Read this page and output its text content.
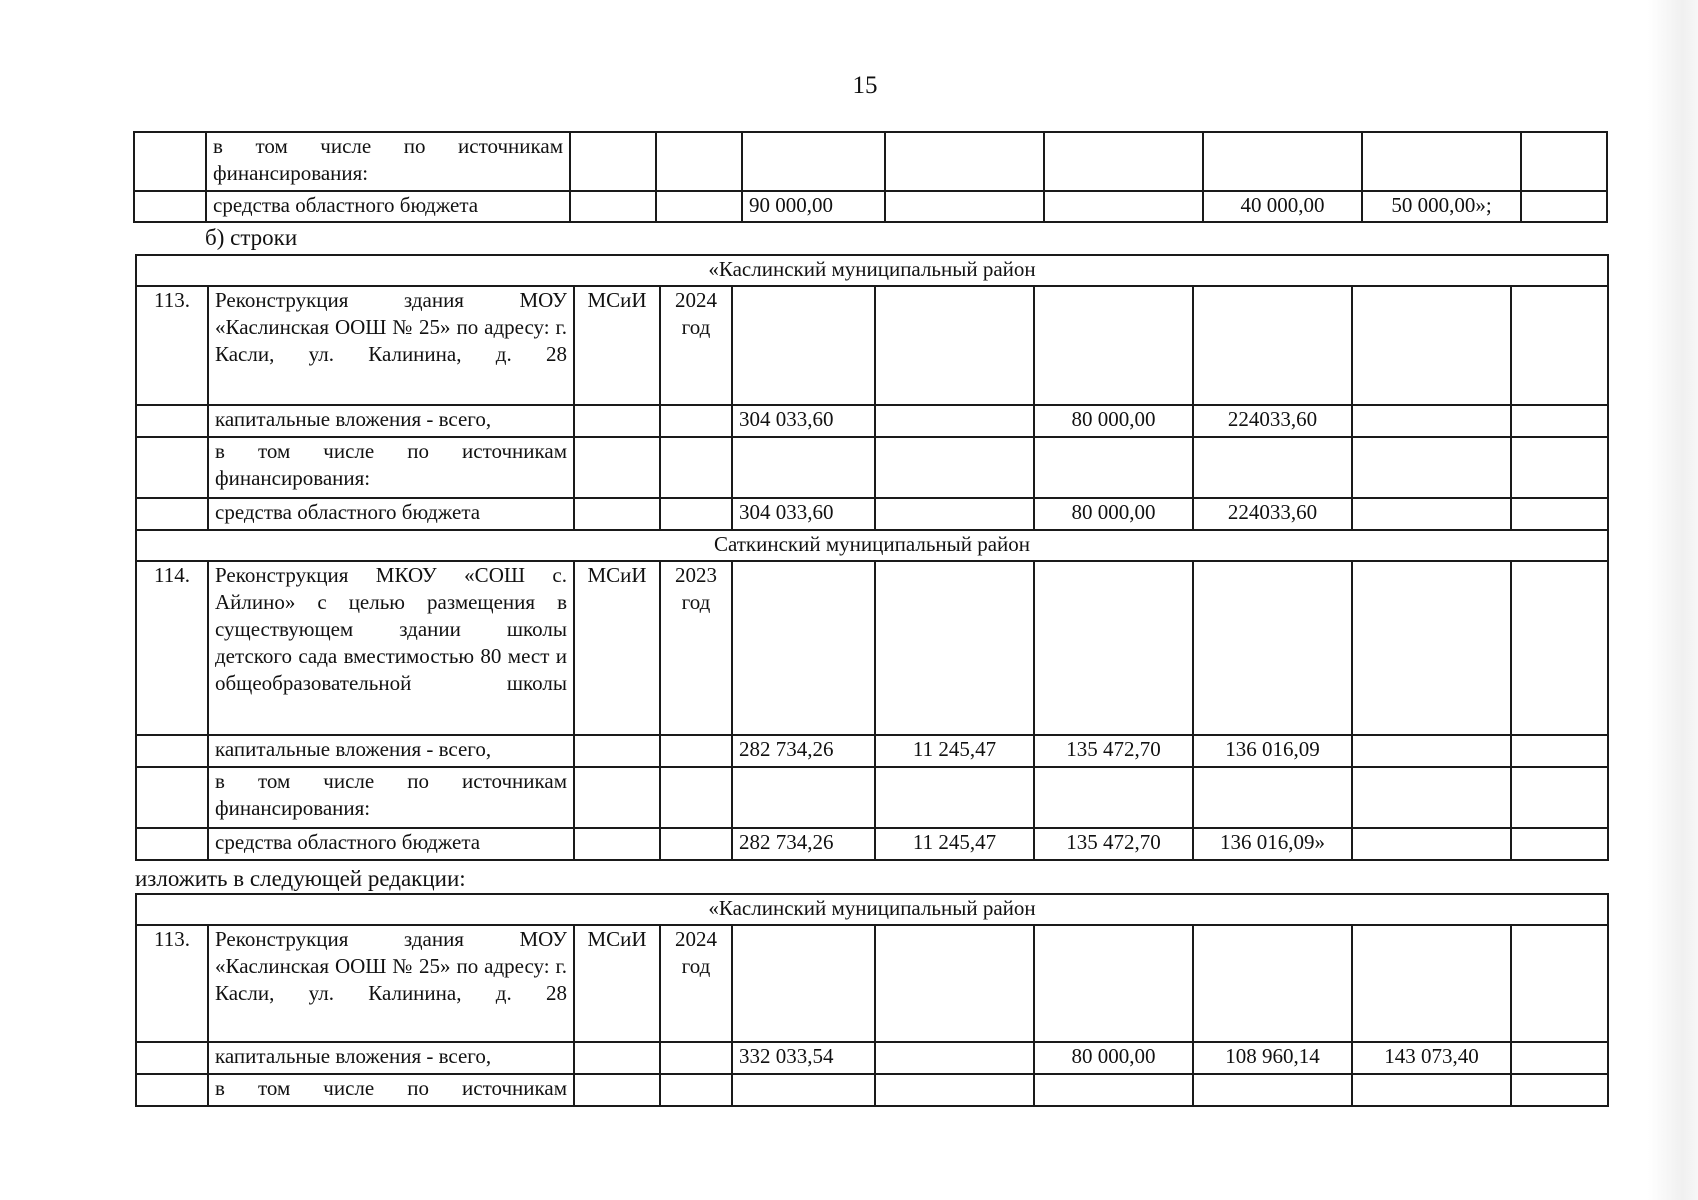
15
	в том числе по источникам финансирования:								
	средства областного бюджета			90 000,00			40 000,00	50 000,00»;	
б) строки
«Каслинский муниципальный район									
113.	Реконструкция здания МОУ «Каслинская ООШ № 25» по адресу: г. Касли, ул. Калинина, д. 28	МСиИ	2024 год						
	капитальные вложения - всего,			304 033,60		80 000,00	224033,60		
	в том числе по источникам финансирования:								
	средства областного бюджета			304 033,60		80 000,00	224033,60		
Саткинский муниципальный район									
114.	Реконструкция МКОУ «СОШ с. Айлино» с целью размещения в существующем здании школы детского сада вместимостью 80 мест и общеобразовательной школы	МСиИ	2023 год						
	капитальные вложения - всего,			282 734,26	11 245,47	135 472,70	136 016,09		
	в том числе по источникам финансирования:								
	средства областного бюджета			282 734,26	11 245,47	135 472,70	136 016,09»		
изложить в следующей редакции:
«Каслинский муниципальный район									
113.	Реконструкция здания МОУ «Каслинская ООШ № 25» по адресу: г. Касли, ул. Калинина, д. 28	МСиИ	2024 год						
	капитальные вложения - всего,			332 033,54		80 000,00	108 960,14	143 073,40	
	в том числе по источникам								
